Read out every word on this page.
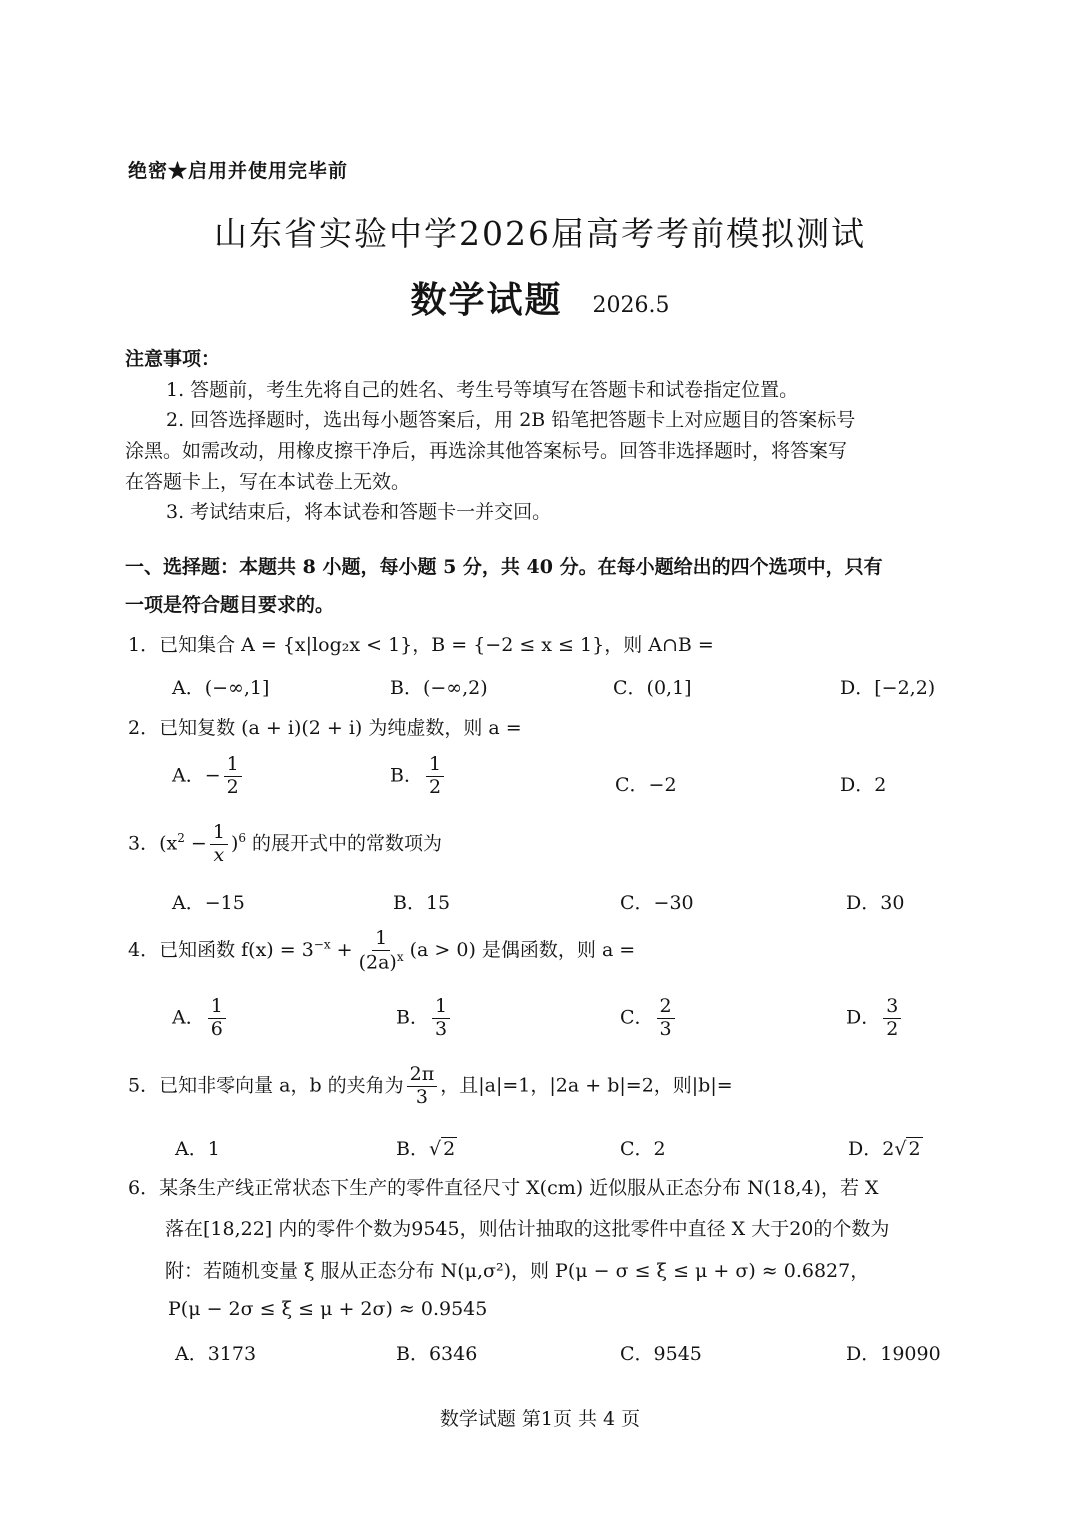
绝密★启用并使用完毕前
山东省实验中学2026届高考考前模拟测试
数学试题 2026.5
注意事项：
1. 答题前，考生先将自己的姓名、考生号等填写在答题卡和试卷指定位置。
2. 回答选择题时，选出每小题答案后，用 2B 铅笔把答题卡上对应题目的答案标号
涂黑。如需改动，用橡皮擦干净后，再选涂其他答案标号。回答非选择题时，将答案写
在答题卡上，写在本试卷上无效。
3. 考试结束后，将本试卷和答题卡一并交回。
一、选择题：本题共 8 小题，每小题 5 分，共 40 分。在每小题给出的四个选项中，只有
一项是符合题目要求的。
1．已知集合 A = {x|log₂x < 1}，B = {−2 ≤ x ≤ 1}，则 A∩B =
A．(−∞,1]	B．(−∞,2)	C．(0,1]	D．[−2,2)
2．已知复数 (a + i)(2 + i) 为纯虚数，则 a =
A．− $\frac{1}{2}$	B． $\frac{1}{2}$	C．−2	D．2
3．$(x^2 - \frac{1}{x} )^6$ 的展开式中的常数项为
A．−15	B．15	C．−30	D．30
4．已知函数 $f(x) = 3^{-x} + \frac{1}{(2a)^x} (a > 0)$ 是偶函数，则 a =
A． $\frac{1}{6}$	B． $\frac{1}{3}$	C． $\frac{2}{3}$	D． $\frac{3}{2}$
5．已知非零向量 a，b 的夹角为 $\frac{2\pi}{3}$ ，且|a|=1，|2a + b|=2，则|b|=
A．1	B．√ 2	C．2	D．2√ 2
6．某条生产线正常状态下生产的零件直径尺寸 X(cm) 近似服从正态分布 N(18,4)，若 X
落在[18,22] 内的零件个数为9545，则估计抽取的这批零件中直径 X 大于20的个数为
附：若随机变量 ξ 服从正态分布 N(μ,σ²)，则 P(μ − σ ≤ ξ ≤ μ + σ) ≈ 0.6827，
P(μ − 2σ ≤ ξ ≤ μ + 2σ) ≈ 0.9545
A．3173	B．6346	C．9545	D．19090
数学试题 第1页 共 4 页
